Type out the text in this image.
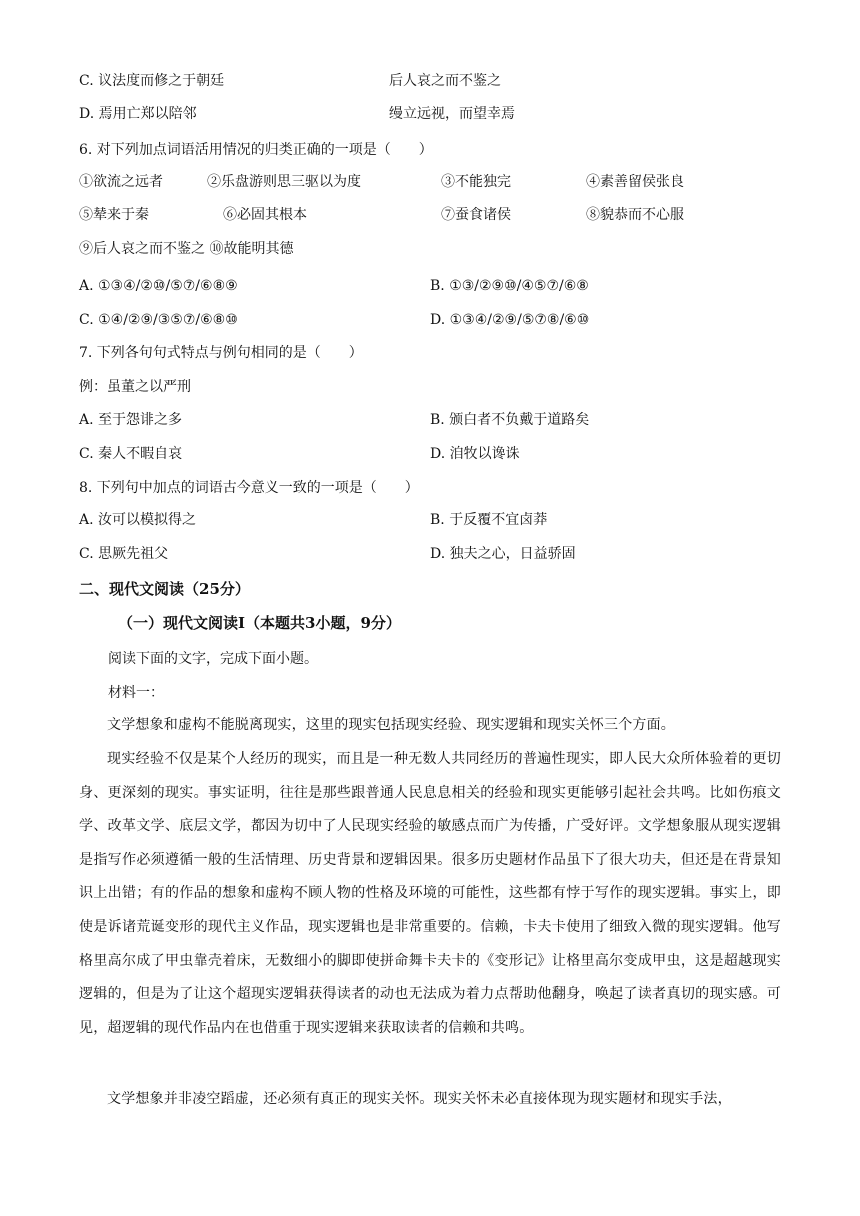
C. 议法度而修之于朝廷	后人哀之而不鉴之
D. 焉用亡郑以陪邻	缦立远视，而望幸焉
6. 对下列加点词语活用情况的归类正确的一项是（　　）
①欲流之远者	②乐盘游则思三驱以为度	③不能独完	④素善留侯张良
⑤辇来于秦	⑥必固其根本	⑦蚕食诸侯	⑧貌恭而不心服
⑨后人哀之而不鉴之 ⑩故能明其德
A. ①③④/②⑩/⑤⑦/⑥⑧⑨	B. ①③/②⑨⑩/④⑤⑦/⑥⑧
C. ①④/②⑨/③⑤⑦/⑥⑧⑩	D. ①③④/②⑨/⑤⑦⑧/⑥⑩
7. 下列各句句式特点与例句相同的是（　　）
例：虽董之以严刑
A. 至于怨诽之多	B. 颁白者不负戴于道路矣
C. 秦人不暇自哀	D. 洎牧以谗诛
8. 下列句中加点的词语古今意义一致的一项是（　　）
A. 汝可以模拟得之	B. 于反覆不宜卤莽
C. 思厥先祖父	D. 独夫之心，日益骄固
二、现代文阅读（25分）
（一）现代文阅读Ⅰ（本题共3小题，9分）
阅读下面的文字，完成下面小题。
材料一：
文学想象和虚构不能脱离现实，这里的现实包括现实经验、现实逻辑和现实关怀三个方面。
现实经验不仅是某个人经历的现实，而且是一种无数人共同经历的普遍性现实，即人民大众所体验着的更切身、更深刻的现实。事实证明，往往是那些跟普通人民息息相关的经验和现实更能够引起社会共鸣。比如伤痕文学、改革文学、底层文学，都因为切中了人民现实经验的敏感点而广为传播，广受好评。文学想象服从现实逻辑是指写作必须遵循一般的生活情理、历史背景和逻辑因果。很多历史题材作品虽下了很大功夫，但还是在背景知识上出错；有的作品的想象和虚构不顾人物的性格及环境的可能性，这些都有悖于写作的现实逻辑。事实上，即使是诉诸荒诞变形的现代主义作品，现实逻辑也是非常重要的。信赖，卡夫卡使用了细致入微的现实逻辑。他写格里高尔成了甲虫靠壳着床，无数细小的脚即使拼命舞卡夫卡的《变形记》让格里高尔变成甲虫，这是超越现实逻辑的，但是为了让这个超现实逻辑获得读者的动也无法成为着力点帮助他翻身，唤起了读者真切的现实感。可见，超逻辑的现代作品内在也借重于现实逻辑来获取读者的信赖和共鸣。
文学想象并非凌空蹈虚，还必须有真正的现实关怀。现实关怀未必直接体现为现实题材和现实手法，
